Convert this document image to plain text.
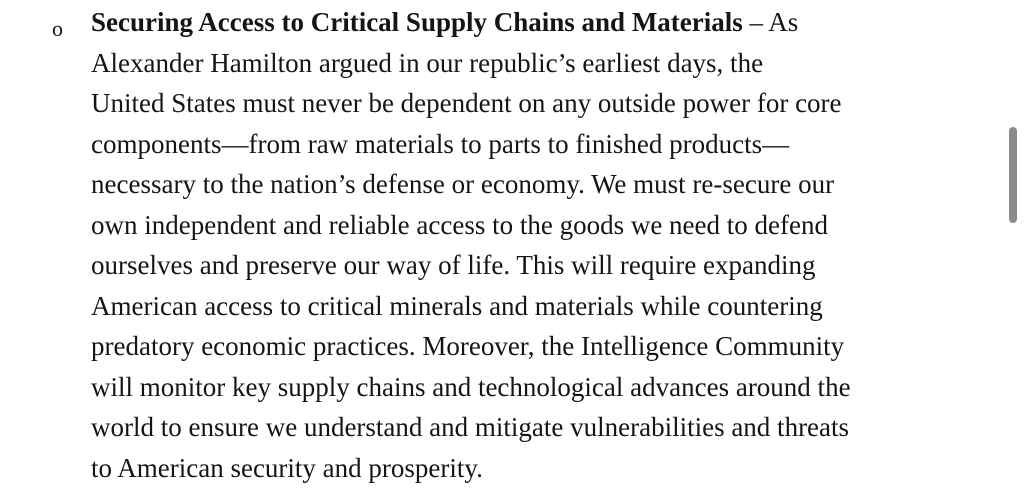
o Securing Access to Critical Supply Chains and Materials – As
Alexander Hamilton argued in our republic’s earliest days, the
United States must never be dependent on any outside power for core
components—from raw materials to parts to finished products—
necessary to the nation’s defense or economy. We must re-secure our
own independent and reliable access to the goods we need to defend
ourselves and preserve our way of life. This will require expanding
American access to critical minerals and materials while countering
predatory economic practices. Moreover, the Intelligence Community
will monitor key supply chains and technological advances around the
world to ensure we understand and mitigate vulnerabilities and threats
to American security and prosperity.
